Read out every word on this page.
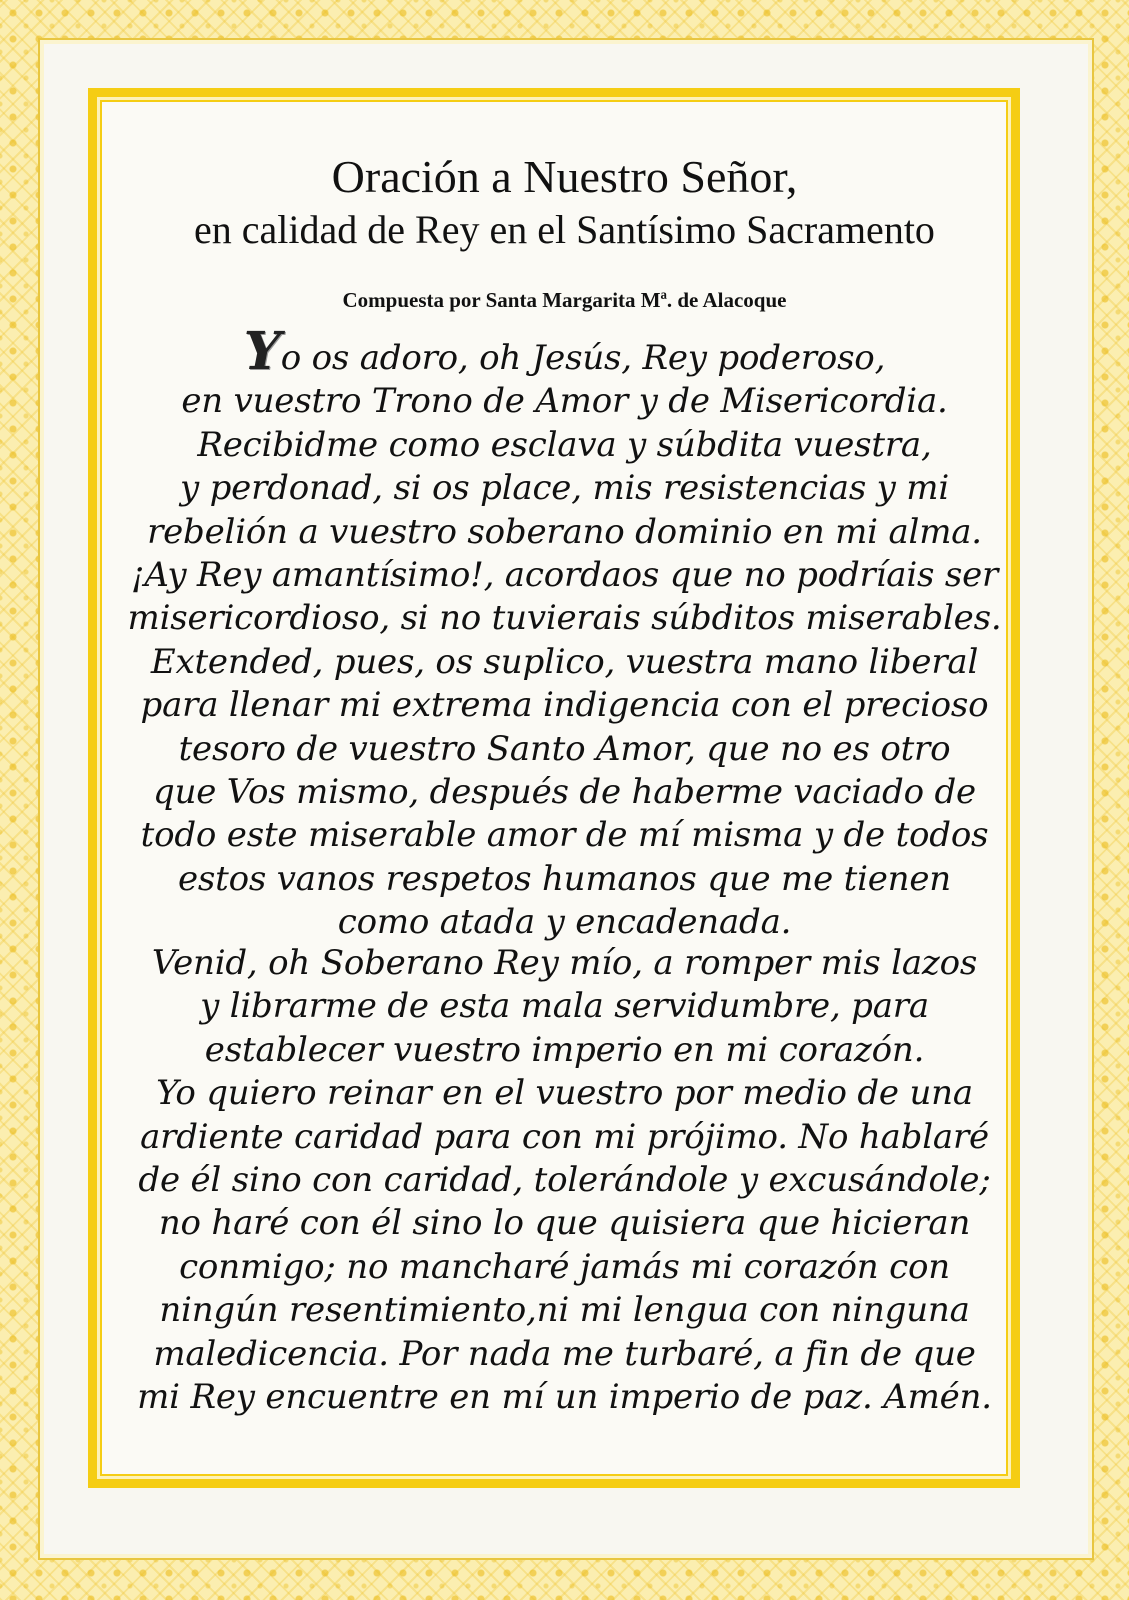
Oración a Nuestro Señor,
en calidad de Rey en el Santísimo Sacramento
Compuesta por Santa Margarita Mª. de Alacoque
Yo os adoro, oh Jesús, Rey poderoso,
en vuestro Trono de Amor y de Misericordia.
Recibidme como esclava y súbdita vuestra,
y perdonad, si os place, mis resistencias y mi
rebelión a vuestro soberano dominio en mi alma.
¡Ay Rey amantísimo!, acordaos que no podríais ser
misericordioso, si no tuvierais súbditos miserables.
Extended, pues, os suplico, vuestra mano liberal
para llenar mi extrema indigencia con el precioso
tesoro de vuestro Santo Amor, que no es otro
que Vos mismo, después de haberme vaciado de
todo este miserable amor de mí misma y de todos
estos vanos respetos humanos que me tienen
como atada y encadenada.
Venid, oh Soberano Rey mío, a romper mis lazos
y librarme de esta mala servidumbre, para
establecer vuestro imperio en mi corazón.
Yo quiero reinar en el vuestro por medio de una
ardiente caridad para con mi prójimo. No hablaré
de él sino con caridad, tolerándole y excusándole;
no haré con él sino lo que quisiera que hicieran
conmigo; no mancharé jamás mi corazón con
ningún resentimiento,ni mi lengua con ninguna
maledicencia. Por nada me turbaré, a fin de que
mi Rey encuentre en mí un imperio de paz. Amén.
